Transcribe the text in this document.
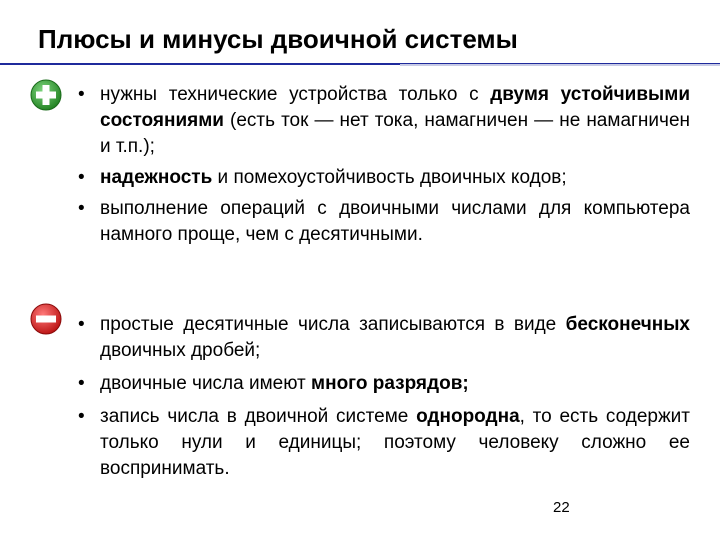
Плюсы и минусы двоичной системы
• нужны технические устройства только с двумя устойчивыми состояниями (есть ток — нет тока, намагничен — не намагничен и т.п.);
• надежность и помехоустойчивость двоичных кодов;
• выполнение операций с двоичными числами для компьютера намного проще, чем с десятичными.
• простые десятичные числа записываются в виде бесконечных двоичных дробей;
• двоичные числа имеют много разрядов;
• запись числа в двоичной системе однородна, то есть содержит только нули и единицы; поэтому человеку сложно ее воспринимать.
22
